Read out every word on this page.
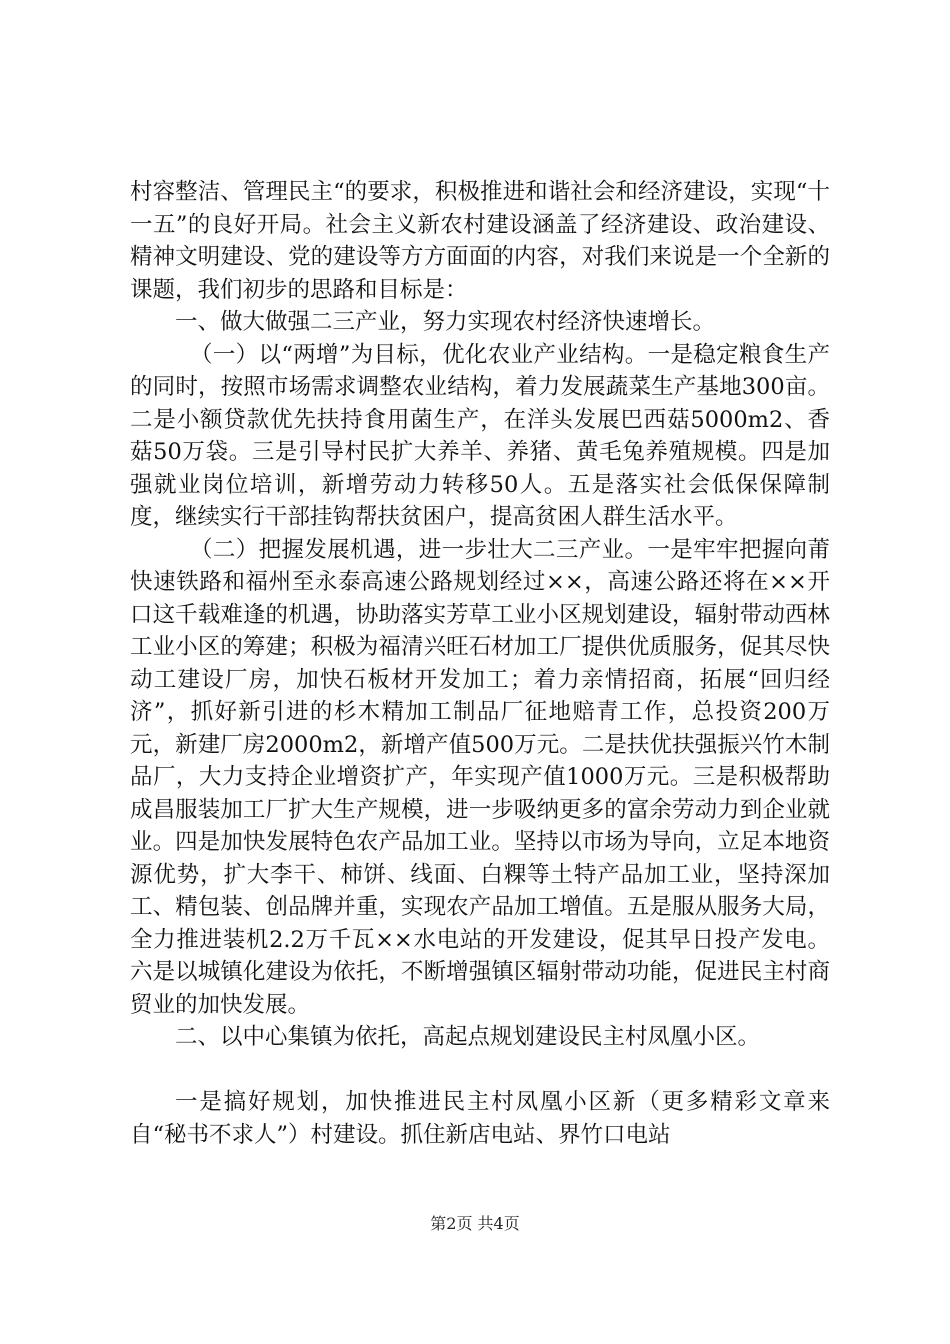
村容整洁、管理民主“的要求，积极推进和谐社会和经济建设，实现“十一五”的良好开局。社会主义新农村建设涵盖了经济建设、政治建设、精神文明建设、党的建设等方方面面的内容，对我们来说是一个全新的课题，我们初步的思路和目标是：

一、做大做强二三产业，努力实现农村经济快速增长。

（一）以“两增”为目标，优化农业产业结构。一是稳定粮食生产的同时，按照市场需求调整农业结构，着力发展蔬菜生产基地300亩。二是小额贷款优先扶持食用菌生产，在洋头发展巴西菇5000m2、香菇50万袋。三是引导村民扩大养羊、养猪、黄毛兔养殖规模。四是加强就业岗位培训，新增劳动力转移50人。五是落实社会低保保障制度，继续实行干部挂钩帮扶贫困户，提高贫困人群生活水平。

（二）把握发展机遇，进一步壮大二三产业。一是牢牢把握向莆快速铁路和福州至永泰高速公路规划经过××，高速公路还将在××开口这千载难逢的机遇，协助落实芳草工业小区规划建设，辐射带动西林工业小区的筹建；积极为福清兴旺石材加工厂提供优质服务，促其尽快动工建设厂房，加快石板材开发加工；着力亲情招商，拓展“回归经济”，抓好新引进的杉木精加工制品厂征地赔青工作，总投资200万元，新建厂房2000m2，新增产值500万元。二是扶优扶强振兴竹木制品厂，大力支持企业增资扩产，年实现产值1000万元。三是积极帮助成昌服装加工厂扩大生产规模，进一步吸纳更多的富余劳动力到企业就业。四是加快发展特色农产品加工业。坚持以市场为导向，立足本地资源优势，扩大李干、柿饼、线面、白粿等土特产品加工业，坚持深加工、精包装、创品牌并重，实现农产品加工增值。五是服从服务大局，全力推进装机2.2万千瓦××水电站的开发建设，促其早日投产发电。六是以城镇化建设为依托，不断增强镇区辐射带动功能，促进民主村商贸业的加快发展。

二、以中心集镇为依托，高起点规划建设民主村凤凰小区。

一是搞好规划，加快推进民主村凤凰小区新（更多精彩文章来自“秘书不求人”）村建设。抓住新店电站、界竹口电站

第2页 共4页
